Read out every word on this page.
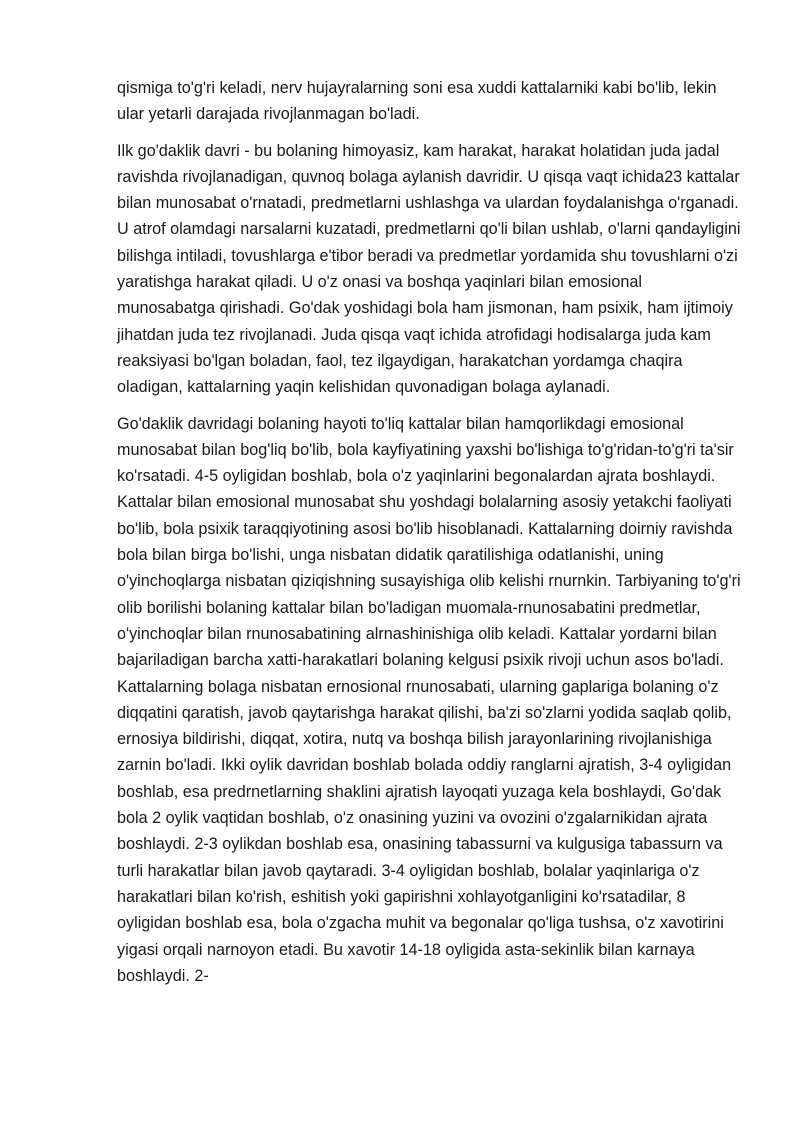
qismiga to'g'ri keladi, nerv hujayralarning soni esa xuddi kattalarniki kabi bo'lib, lekin ular yetarli darajada rivojlanmagan bo'ladi.

Ilk go'daklik davri - bu bolaning himoyasiz, kam harakat, harakat holatidan juda jadal ravishda rivojlanadigan, quvnoq bolaga aylanish davridir. U qisqa vaqt ichida23 kattalar bilan munosabat o'rnatadi, predmetlarni ushlashga va ulardan foydalanishga o'rganadi. U atrof olamdagi narsalarni kuzatadi, predmetlarni qo'li bilan ushlab, o'larni qandayligini bilishga intiladi, tovushlarga e'tibor beradi va predmetlar yordamida shu tovushlarni o'zi yaratishga harakat qiladi. U o'z onasi va boshqa yaqinlari bilan emosional munosabatga qirishadi. Go'dak yoshidagi bola ham jismonan, ham psixik, ham ijtimoiy jihatdan juda tez rivojlanadi. Juda qisqa vaqt ichida atrofidagi hodisalarga juda kam reaksiyasi bo'lgan boladan, faol, tez ilgaydigan, harakatchan yordamga chaqira oladigan, kattalarning yaqin kelishidan quvonadigan bolaga aylanadi.

Go'daklik davridagi bolaning hayoti to'liq kattalar bilan hamqorlikdagi emosional munosabat bilan bog'liq bo'lib, bola kayfiyatining yaxshi bo'lishiga to'g'ridan-to'g'ri ta'sir ko'rsatadi. 4-5 oyligidan boshlab, bola o'z yaqinlarini begonalardan ajrata boshlaydi. Kattalar bilan emosional munosabat shu yoshdagi bolalarning asosiy yetakchi faoliyati bo'lib, bola psixik taraqqiyotining asosi bo'lib hisoblanadi. Kattalarning doirniy ravishda bola bilan birga bo'lishi, unga nisbatan didatik qaratilishiga odatlanishi, uning o'yinchoqlarga nisbatan qiziqishning susayishiga olib kelishi rnurnkin. Tarbiyaning to'g'ri olib borilishi bolaning kattalar bilan bo'ladigan muomala-rnunosabatini predmetlar, o'yinchoqlar bilan rnunosabatining alrnashinishiga olib keladi. Kattalar yordarni bilan bajariladigan barcha xatti-harakatlari bolaning kelgusi psixik rivoji uchun asos bo'ladi. Kattalarning bolaga nisbatan ernosional rnunosabati, ularning gaplariga bolaning o'z diqqatini qaratish, javob qaytarishga harakat qilishi, ba'zi so'zlarni yodida saqlab qolib, ernosiya bildirishi, diqqat, xotira, nutq va boshqa bilish jarayonlarining rivojlanishiga zarnin bo'ladi. Ikki oylik davridan boshlab bolada oddiy ranglarni ajratish, 3-4 oyligidan boshlab, esa predrnetlarning shaklini ajratish layoqati yuzaga kela boshlaydi, Go'dak bola 2 oylik vaqtidan boshlab, o'z onasining yuzini va ovozini o'zgalarnikidan ajrata boshlaydi. 2-3 oylikdan boshlab esa, onasining tabassurni va kulgusiga tabassurn va turli harakatlar bilan javob qaytaradi. 3-4 oyligidan boshlab, bolalar yaqinlariga o'z harakatlari bilan ko'rish, eshitish yoki gapirishni xohlayotganligini ko'rsatadilar, 8 oyligidan boshlab esa, bola o'zgacha muhit va begonalar qo'liga tushsa, o'z xavotirini yigasi orqali narnoyon etadi. Bu xavotir 14-18 oyligida asta-sekinlik bilan karnaya boshlaydi. 2-
